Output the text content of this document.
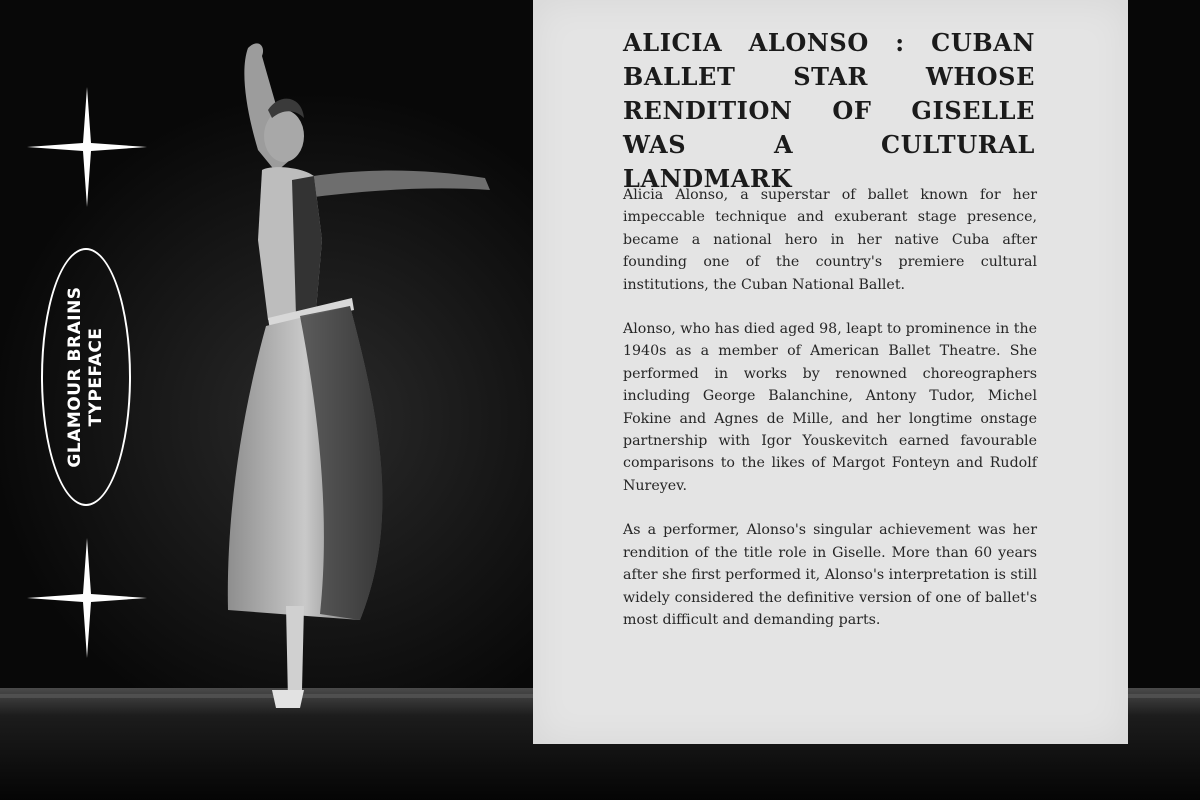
GLAMOUR BRAINS TYPEFACE
ALICIA ALONSO : CUBAN BALLET STAR WHOSE RENDITION OF GISELLE WAS A CULTURAL LANDMARK

Alicia Alonso, a superstar of ballet known for her impeccable technique and exuberant stage presence, became a national hero in her native Cuba after founding one of the country's premiere cultural institutions, the Cuban National Ballet.

Alonso, who has died aged 98, leapt to prominence in the 1940s as a member of American Ballet Theatre. She performed in works by renowned choreographers including George Balanchine, Antony Tudor, Michel Fokine and Agnes de Mille, and her longtime onstage partnership with Igor Youskevitch earned favourable comparisons to the likes of Margot Fonteyn and Rudolf Nureyev.

As a performer, Alonso's singular achievement was her rendition of the title role in Giselle. More than 60 years after she first performed it, Alonso's interpretation is still widely considered the definitive version of one of ballet's most difficult and demanding parts.
